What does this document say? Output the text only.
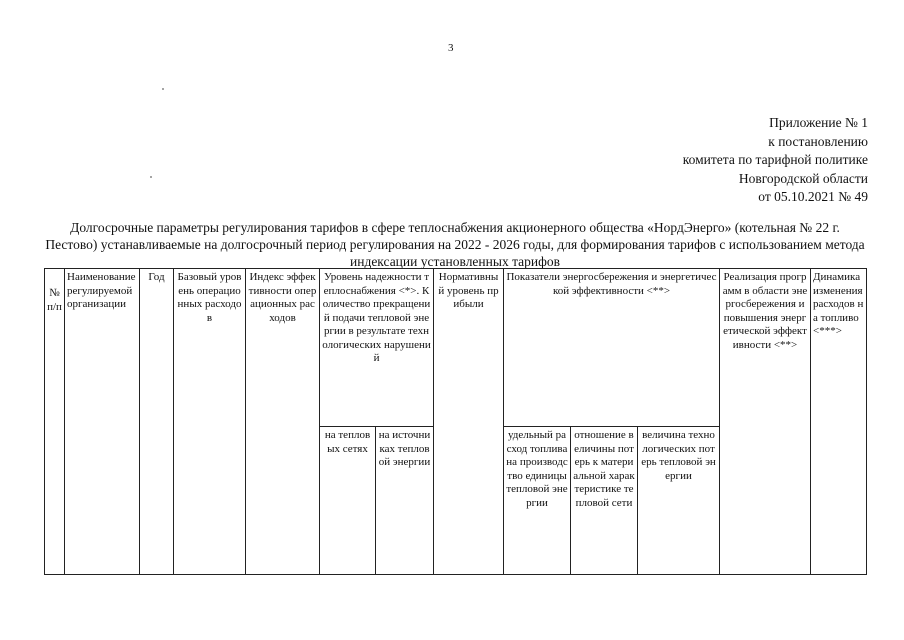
3
Приложение № 1
к постановлению
комитета по тарифной политике
Новгородской области
от 05.10.2021 № 49
Долгосрочные параметры регулирования тарифов в сфере теплоснабжения акционерного общества «НордЭнерго» (котельная № 22 г. Пестово) устанавливаемые на долгосрочный период регулирования на 2022 - 2026 годы, для формирования тарифов с использованием метода индексации установленных тарифов
№ п/п	Наименование регулируемой организации	Год	Базовый уровень операционных расходов	Индекс эффективности операционных расходов	Уровень надежности теплоснабжения <*>. Количество прекращений подачи тепловой энергии в результате технологических нарушений		Нормативный уровень прибыли	Показатели энергосбережения и энергетической эффективности <**>			Реализация программ в области энергосбережения и повышения энергетической эффективности <**>	Динамика изменения расходов на топливо <***>
					на тепловых сетях	на источниках тепловой энергии		удельный расход топлива на производство единицы тепловой энергии	отношение величины потерь к материальной характеристике тепловой сети	величина технологических потерь тепловой энергии		
